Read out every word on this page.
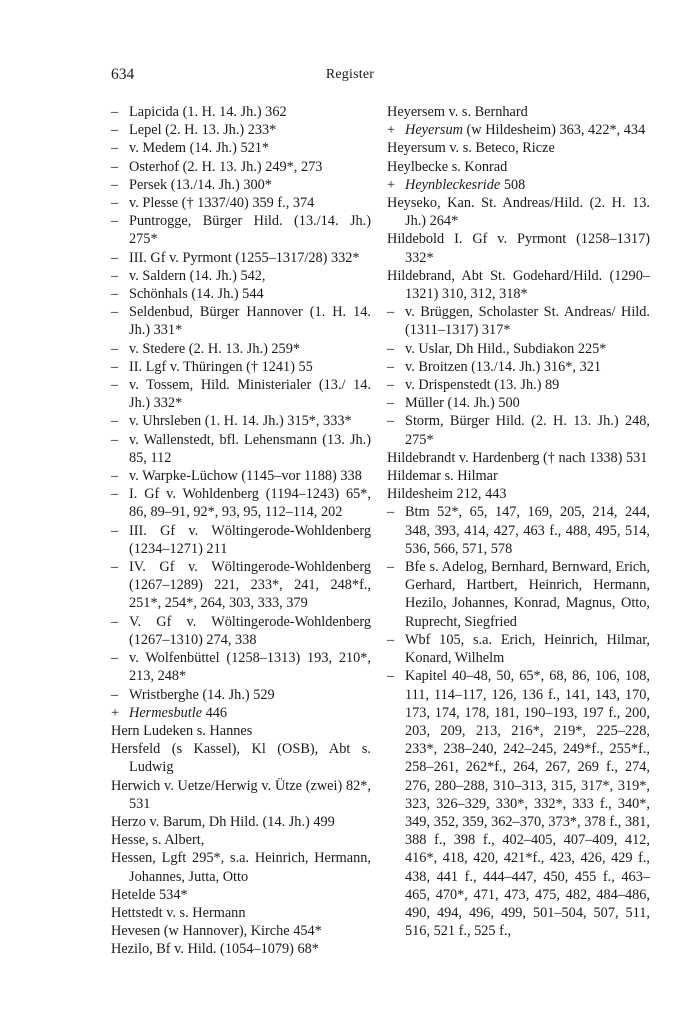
634	Register
– Lapicida (1. H. 14. Jh.) 362
– Lepel (2. H. 13. Jh.) 233*
– v. Medem (14. Jh.) 521*
– Osterhof (2. H. 13. Jh.) 249*, 273
– Persek (13./14. Jh.) 300*
– v. Plesse († 1337/40) 359 f., 374
– Puntrogge, Bürger Hild. (13./14. Jh.) 275*
– III. Gf v. Pyrmont (1255–1317/28) 332*
– v. Saldern (14. Jh.) 542,
– Schönhals (14. Jh.) 544
– Seldenbud, Bürger Hannover (1. H. 14. Jh.) 331*
– v. Stedere (2. H. 13. Jh.) 259*
– II. Lgf v. Thüringen († 1241) 55
– v. Tossem, Hild. Ministerialer (13./ 14. Jh.) 332*
– v. Uhrsleben (1. H. 14. Jh.) 315*, 333*
– v. Wallenstedt, bfl. Lehensmann (13. Jh.) 85, 112
– v. Warpke-Lüchow (1145–vor 1188) 338
– I. Gf v. Wohldenberg (1194–1243) 65*, 86, 89–91, 92*, 93, 95, 112–114, 202
– III. Gf v. Wöltingerode-Wohldenberg (1234–1271) 211
– IV. Gf v. Wöltingerode-Wohldenberg (1267–1289) 221, 233*, 241, 248*f., 251*, 254*, 264, 303, 333, 379
– V. Gf v. Wöltingerode-Wohldenberg (1267–1310) 274, 338
– v. Wolfenbüttel (1258–1313) 193, 210*, 213, 248*
– Wristberghe (14. Jh.) 529
+ Hermesbutle 446
Hern Ludeken s. Hannes
Hersfeld (s Kassel), Kl (OSB), Abt s. Ludwig
Herwich v. Uetze/Herwig v. Ütze (zwei) 82*, 531
Herzo v. Barum, Dh Hild. (14. Jh.) 499
Hesse, s. Albert,
Hessen, Lgft 295*, s.a. Heinrich, Hermann, Johannes, Jutta, Otto
Hetelde 534*
Hettstedt v. s. Hermann
Hevesen (w Hannover), Kirche 454*
Hezilo, Bf v. Hild. (1054–1079) 68*
Heyersem v. s. Bernhard
+ Heyersum (w Hildesheim) 363, 422*, 434
Heyersum v. s. Beteco, Ricze
Heylbecke s. Konrad
+ Heynbleckesride 508
Heyseko, Kan. St. Andreas/Hild. (2. H. 13. Jh.) 264*
Hildebold I. Gf v. Pyrmont (1258–1317) 332*
Hildebrand, Abt St. Godehard/Hild. (1290–1321) 310, 312, 318*
– v. Brüggen, Scholaster St. Andreas/ Hild. (1311–1317) 317*
– v. Uslar, Dh Hild., Subdiakon 225*
– v. Broitzen (13./14. Jh.) 316*, 321
– v. Drispenstedt (13. Jh.) 89
– Müller (14. Jh.) 500
– Storm, Bürger Hild. (2. H. 13. Jh.) 248, 275*
Hildebrandt v. Hardenberg († nach 1338) 531
Hildemar s. Hilmar
Hildesheim 212, 443
– Btm 52*, 65, 147, 169, 205, 214, 244, 348, 393, 414, 427, 463 f., 488, 495, 514, 536, 566, 571, 578
– Bfe s. Adelog, Bernhard, Bernward, Erich, Gerhard, Hartbert, Heinrich, Hermann, Hezilo, Johannes, Konrad, Magnus, Otto, Ruprecht, Siegfried
– Wbf 105, s.a. Erich, Heinrich, Hilmar, Konard, Wilhelm
– Kapitel 40–48, 50, 65*, 68, 86, 106, 108, 111, 114–117, 126, 136 f., 141, 143, 170, 173, 174, 178, 181, 190–193, 197 f., 200, 203, 209, 213, 216*, 219*, 225–228, 233*, 238–240, 242–245, 249*f., 255*f., 258–261, 262*f., 264, 267, 269 f., 274, 276, 280–288, 310–313, 315, 317*, 319*, 323, 326–329, 330*, 332*, 333 f., 340*, 349, 352, 359, 362–370, 373*, 378 f., 381, 388 f., 398 f., 402–405, 407–409, 412, 416*, 418, 420, 421*f., 423, 426, 429 f., 438, 441 f., 444–447, 450, 455 f., 463–465, 470*, 471, 473, 475, 482, 484–486, 490, 494, 496, 499, 501–504, 507, 511, 516, 521 f., 525 f.,
